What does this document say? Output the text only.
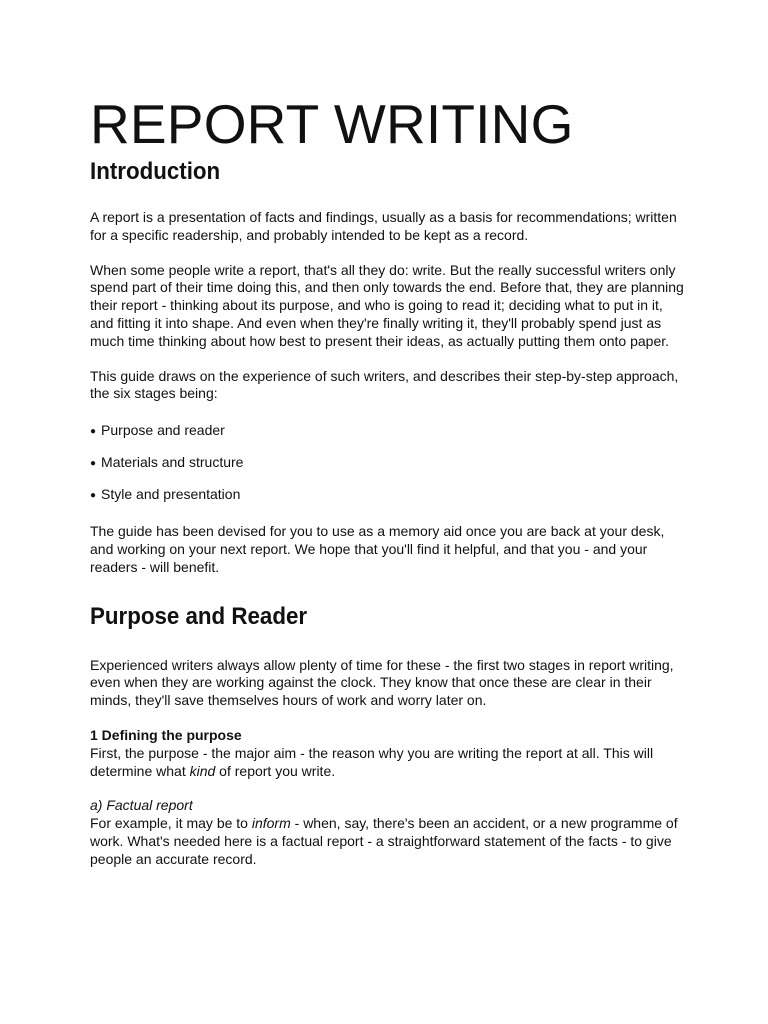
REPORT WRITING
Introduction

A report is a presentation of facts and findings, usually as a basis for recommendations; written for a specific readership, and probably intended to be kept as a record.

When some people write a report, that's all they do: write. But the really successful writers only spend part of their time doing this, and then only towards the end. Before that, they are planning their report - thinking about its purpose, and who is going to read it; deciding what to put in it, and fitting it into shape. And even when they're finally writing it, they'll probably spend just as much time thinking about how best to present their ideas, as actually putting them onto paper.

This guide draws on the experience of such writers, and describes their step-by-step approach, the six stages being:

● Purpose and reader
● Materials and structure
● Style and presentation

The guide has been devised for you to use as a memory aid once you are back at your desk, and working on your next report. We hope that you'll find it helpful, and that you - and your readers - will benefit.

Purpose and Reader

Experienced writers always allow plenty of time for these - the first two stages in report writing, even when they are working against the clock. They know that once these are clear in their minds, they'll save themselves hours of work and worry later on.

1 Defining the purpose

First, the purpose - the major aim - the reason why you are writing the report at all. This will determine what kind of report you write.

a) Factual report

For example, it may be to inform - when, say, there's been an accident, or a new programme of work. What's needed here is a factual report - a straightforward statement of the facts - to give people an accurate record.
